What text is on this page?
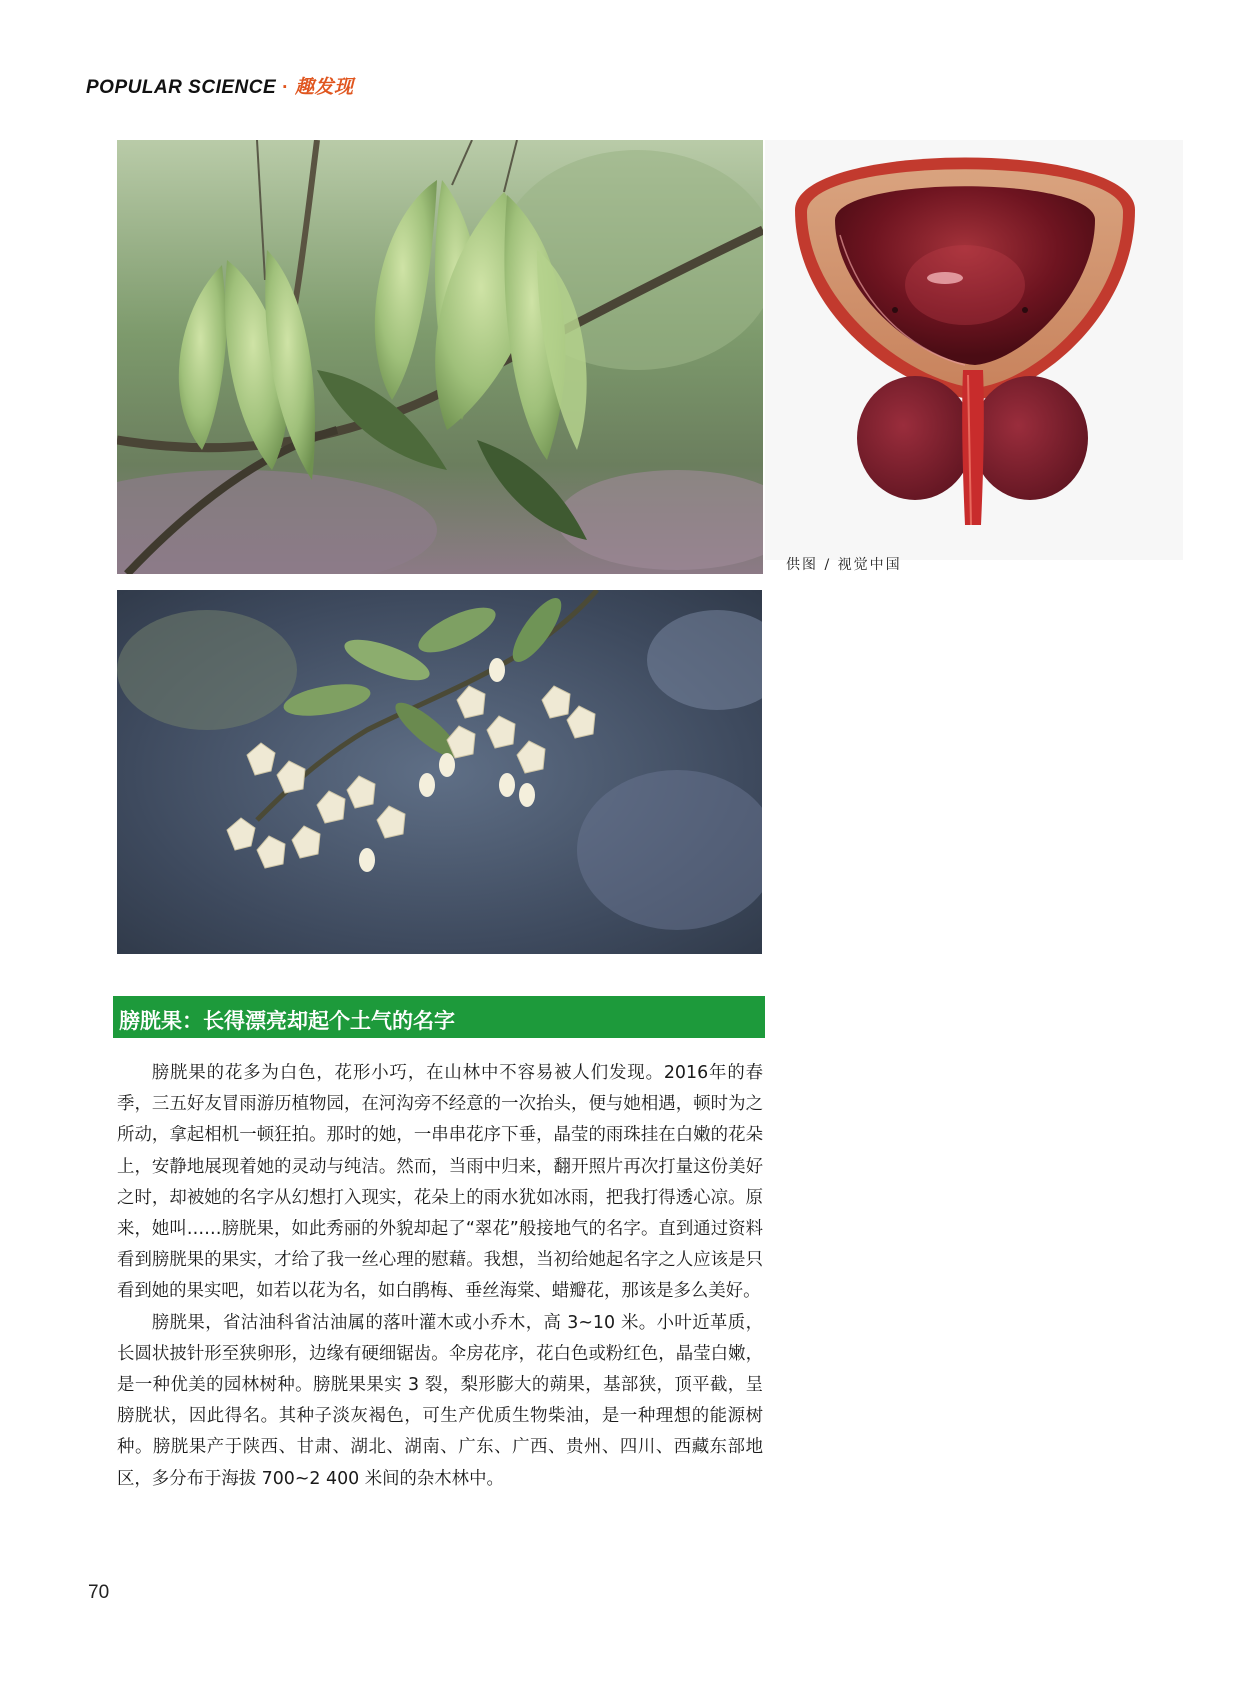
POPULAR SCIENCE · 趣发现
供图 / 视觉中国
膀胱果：长得漂亮却起个土气的名字

膀胱果的花多为白色，花形小巧，在山林中不容易被人们发现。2016年的春季，三五好友冒雨游历植物园，在河沟旁不经意的一次抬头，便与她相遇，顿时为之所动，拿起相机一顿狂拍。那时的她，一串串花序下垂，晶莹的雨珠挂在白嫩的花朵上，安静地展现着她的灵动与纯洁。然而，当雨中归来，翻开照片再次打量这份美好之时，却被她的名字从幻想打入现实，花朵上的雨水犹如冰雨，把我打得透心凉。原来，她叫……膀胱果，如此秀丽的外貌却起了“翠花”般接地气的名字。直到通过资料看到膀胱果的果实，才给了我一丝心理的慰藉。我想，当初给她起名字之人应该是只看到她的果实吧，如若以花为名，如白鹃梅、垂丝海棠、蜡瓣花，那该是多么美好。

膀胱果，省沽油科省沽油属的落叶灌木或小乔木，高 3~10 米。小叶近革质，长圆状披针形至狭卵形，边缘有硬细锯齿。伞房花序，花白色或粉红色，晶莹白嫩，是一种优美的园林树种。膀胱果果实 3 裂，梨形膨大的蒴果，基部狭，顶平截，呈膀胱状，因此得名。其种子淡灰褐色，可生产优质生物柴油，是一种理想的能源树种。膀胱果产于陕西、甘肃、湖北、湖南、广东、广西、贵州、四川、西藏东部地区，多分布于海拔 700~2 400 米间的杂木林中。

70
